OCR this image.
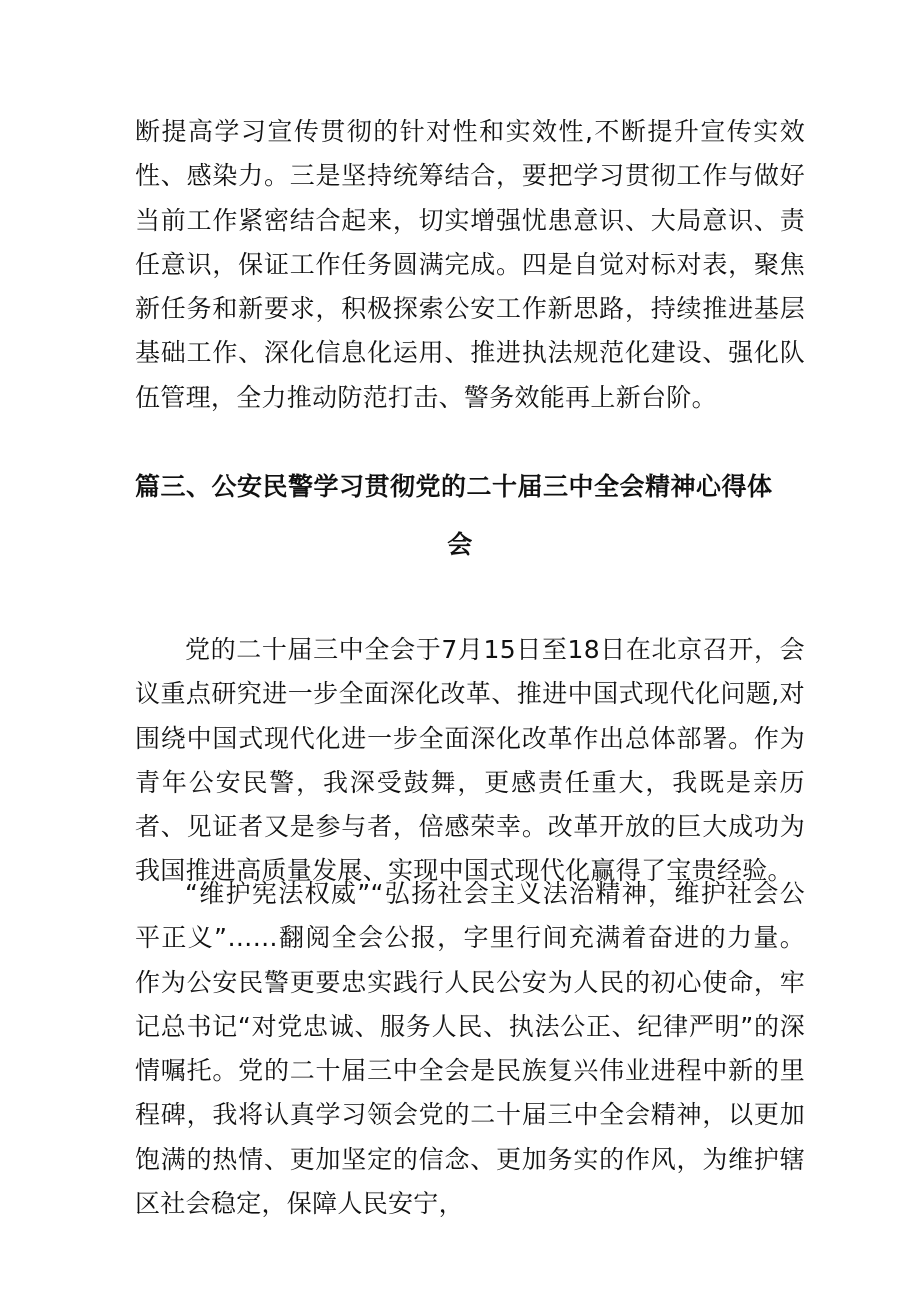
断提高学习宣传贯彻的针对性和实效性,不断提升宣传实效性、感染力。三是坚持统筹结合，要把学习贯彻工作与做好当前工作紧密结合起来，切实增强忧患意识、大局意识、责任意识，保证工作任务圆满完成。四是自觉对标对表，聚焦新任务和新要求，积极探索公安工作新思路，持续推进基层基础工作、深化信息化运用、推进执法规范化建设、强化队伍管理，全力推动防范打击、警务效能再上新台阶。

篇三、公安民警学习贯彻党的二十届三中全会精神心得体
会

党的二十届三中全会于7月15日至18日在北京召开，会议重点研究进一步全面深化改革、推进中国式现代化问题,对围绕中国式现代化进一步全面深化改革作出总体部署。作为青年公安民警，我深受鼓舞，更感责任重大，我既是亲历者、见证者又是参与者，倍感荣幸。改革开放的巨大成功为我国推进高质量发展、实现中国式现代化赢得了宝贵经验。

“维护宪法权威”“弘扬社会主义法治精神，维护社会公平正义”……翻阅全会公报，字里行间充满着奋进的力量。作为公安民警更要忠实践行人民公安为人民的初心使命，牢记总书记“对党忠诚、服务人民、执法公正、纪律严明”的深情嘱托。党的二十届三中全会是民族复兴伟业进程中新的里程碑，我将认真学习领会党的二十届三中全会精神，以更加饱满的热情、更加坚定的信念、更加务实的作风，为维护辖区社会稳定，保障人民安宁，
